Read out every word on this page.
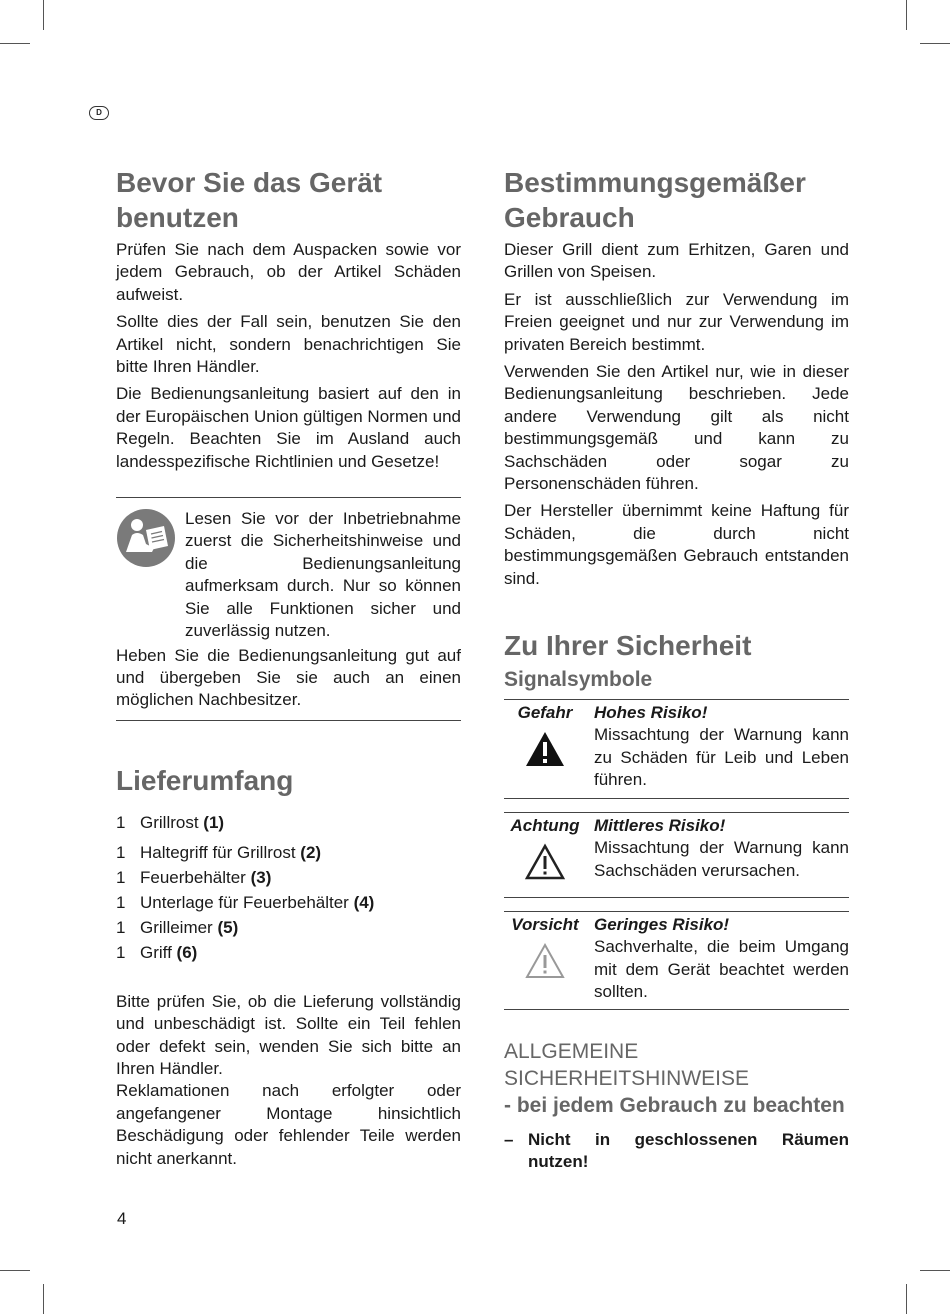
D
Bevor Sie das Gerät benutzen

Prüfen Sie nach dem Auspacken sowie vor jedem Gebrauch, ob der Artikel Schäden aufweist.

Sollte dies der Fall sein, benutzen Sie den Artikel nicht, sondern benachrichtigen Sie bitte Ihren Händler.

Die Bedienungsanleitung basiert auf den in der Europäischen Union gültigen Normen und Regeln. Beachten Sie im Ausland auch landesspezifische Richtlinien und Gesetze!

Lesen Sie vor der Inbetriebnahme zuerst die Sicherheitshinweise und die Bedienungsanleitung aufmerksam durch. Nur so können Sie alle Funktionen sicher und zuverlässig nutzen.

Heben Sie die Bedienungsanleitung gut auf und übergeben Sie sie auch an einen möglichen Nachbesitzer.

Lieferumfang
1 Grillrost (1)
1 Haltegriff für Grillrost (2)
1 Feuerbehälter (3)
1 Unterlage für Feuerbehälter (4)
1 Grilleimer (5)
1 Griff (6)

Bitte prüfen Sie, ob die Lieferung vollständig und unbeschädigt ist. Sollte ein Teil fehlen oder defekt sein, wenden Sie sich bitte an Ihren Händler.

Reklamationen nach erfolgter oder angefangener Montage hinsichtlich Beschädigung oder fehlender Teile werden nicht anerkannt.

Bestimmungsgemäßer Gebrauch

Dieser Grill dient zum Erhitzen, Garen und Grillen von Speisen.

Er ist ausschließlich zur Verwendung im Freien geeignet und nur zur Verwendung im privaten Bereich bestimmt.

Verwenden Sie den Artikel nur, wie in dieser Bedienungsanleitung beschrieben. Jede andere Verwendung gilt als nicht bestimmungsgemäß und kann zu Sachschäden oder sogar zu Personenschäden führen.

Der Hersteller übernimmt keine Haftung für Schäden, die durch nicht bestimmungsgemäßen Gebrauch entstanden sind.

Zu Ihrer Sicherheit
Signalsymbole
Gefahr	Hohes Risiko!

Missachtung der Warnung kann zu Schäden für Leib und Leben führen.

Achtung Mittleres Risiko!

Missachtung der Warnung kann Sachschäden verursachen.

Vorsicht Geringes Risiko!

Sachverhalte, die beim Umgang mit dem Gerät beachtet werden sollten.

ALLGEMEINE
SICHERHEITSHINWEISE
- bei jedem Gebrauch zu beachten
– Nicht in geschlossenen Räumen nutzen!
4
